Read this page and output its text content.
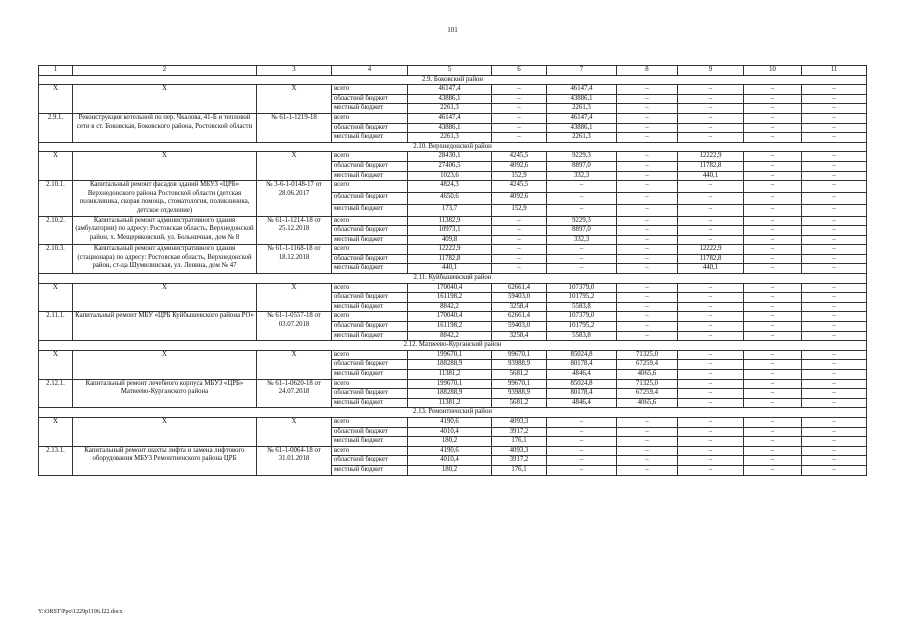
101
1	2	3	4	5	6	7	8	9	10	11
2.9. Боковский район										
Х	Х	Х	всего	46147,4	–	46147,4	–	–	–	–
			областной бюджет	43886,1	–	43886,1	–	–	–	–
			местный бюджет	2261,3	–	2261,3	–	–	–	–
2.9.1.	Реконструкция котельной по пер. Чкалова, 41-Б и тепловой сети в ст. Боковская, Боковского района, Ростовской области	№ 61-1-1219-18	всего	46147,4	–	46147,4	–	–	–	–
			областной бюджет	43886,1	–	43886,1	–	–	–	–
			местный бюджет	2261,3	–	2261,3	–	–	–	–
2.10. Верхнедонской район										
Х	Х	Х	всего	28430,1	4245,5	9229,3	–	12222,9	–	–
			областной бюджет	27406,5	4092,6	8897,0	–	11782,8	–	–
			местный бюджет	1023,6	152,9	332,3	–	440,1	–	–
2.10.1.	Капитальный ремонт фасадов зданий МБУЗ «ЦРБ» Верхнедонского района Ростовской области (детская поликлиника, скорая помощь, стоматология, поликлиника, детское отделение)	№ 3-6-1-0148-17 от 28.06.2017	всего	4824,3	4245,5	–	–	–	–	–
			областной бюджет	4650,6	4092,6	–	–	–	–	–
			местный бюджет	173,7	152,9	–	–	–	–	–
2.10.2.	Капитальный ремонт административного здания (амбулатории) по адресу: Ростовская область, Верхнедонской район, х. Мещеряковский, ул. Больничная, дом № 8	№ 61-1-1214-18 от 25.12.2018	всего	11382,9	–	9229,3	–	–	–	–
			областной бюджет	10973,1	–	8897,0	–	–	–	–
			местный бюджет	409,8	–	332,3	–	–	–	–
2.10.3.	Капитальный ремонт административного здания (стационара) по адресу: Ростовская область, Верхнедонской район, ст-ца Шумилинская, ул. Ленина, дом № 47	№ 61-1-1168-18 от 18.12.2018	всего	12222,9	–	–	–	12222,9	–	–
			областной бюджет	11782,8	–	–	–	11782,8	–	–
			местный бюджет	440,1	–	–	–	440,1	–	–
2.11. Куйбышевский район										
Х	Х	Х	всего	170040,4	62661,4	107379,0	–	–	–	–
			областной бюджет	161198,2	59403,0	101795,2	–	–	–	–
			местный бюджет	8842,2	3258,4	5583,8	–	–	–	–
2.11.1.	Капитальный ремонт МБУ «ЦРБ Куйбышевского района РО»	№ 61-1-0557-18 от 03.07.2018	всего	170040,4	62661,4	107379,0	–	–	–	–
			областной бюджет	161198,2	59403,0	101795,2	–	–	–	–
			местный бюджет	8842,2	3258,4	5583,8	–	–	–	–
2.12. Матвеево-Курганский район										
Х	Х	Х	всего	199670,1	99670,1	85024,8	71325,0	–	–	–
			областной бюджет	188288,9	93988,9	80178,4	67259,4	–	–	–
			местный бюджет	11381,2	5681,2	4846,4	4065,6	–	–	–
2.12.1.	Капитальный ремонт лечебного корпуса МБУЗ «ЦРБ» Матвеево-Курганского района	№ 61-1-0620-18 от 24.07.2018	всего	199670,1	99670,1	85024,8	71325,0	–	–	–
			областной бюджет	188288,9	93988,9	80178,4	67259,4	–	–	–
			местный бюджет	11381,2	5681,2	4846,4	4065,6	–	–	–
2.13. Ремонтненский район										
Х	Х	Х	всего	4190,6	4093,3	–	–	–	–	–
			областной бюджет	4010,4	3917,2	–	–	–	–	–
			местный бюджет	180,2	176,1	–	–	–	–	–
2.13.1.	Капитальный ремонт шахты лифта и замена лифтового оборудования МБУЗ Ремонтненского района ЦРБ	№ 61-1-0064-18 от 31.01.2018	всего	4190,6	4093,3	–	–	–	–	–
			областной бюджет	4010,4	3917,2	–	–	–	–	–
			местный бюджет	180,2	176,1	–	–	–	–	–
Y:\ORST\Ppo\1229p1196.f22.docx
